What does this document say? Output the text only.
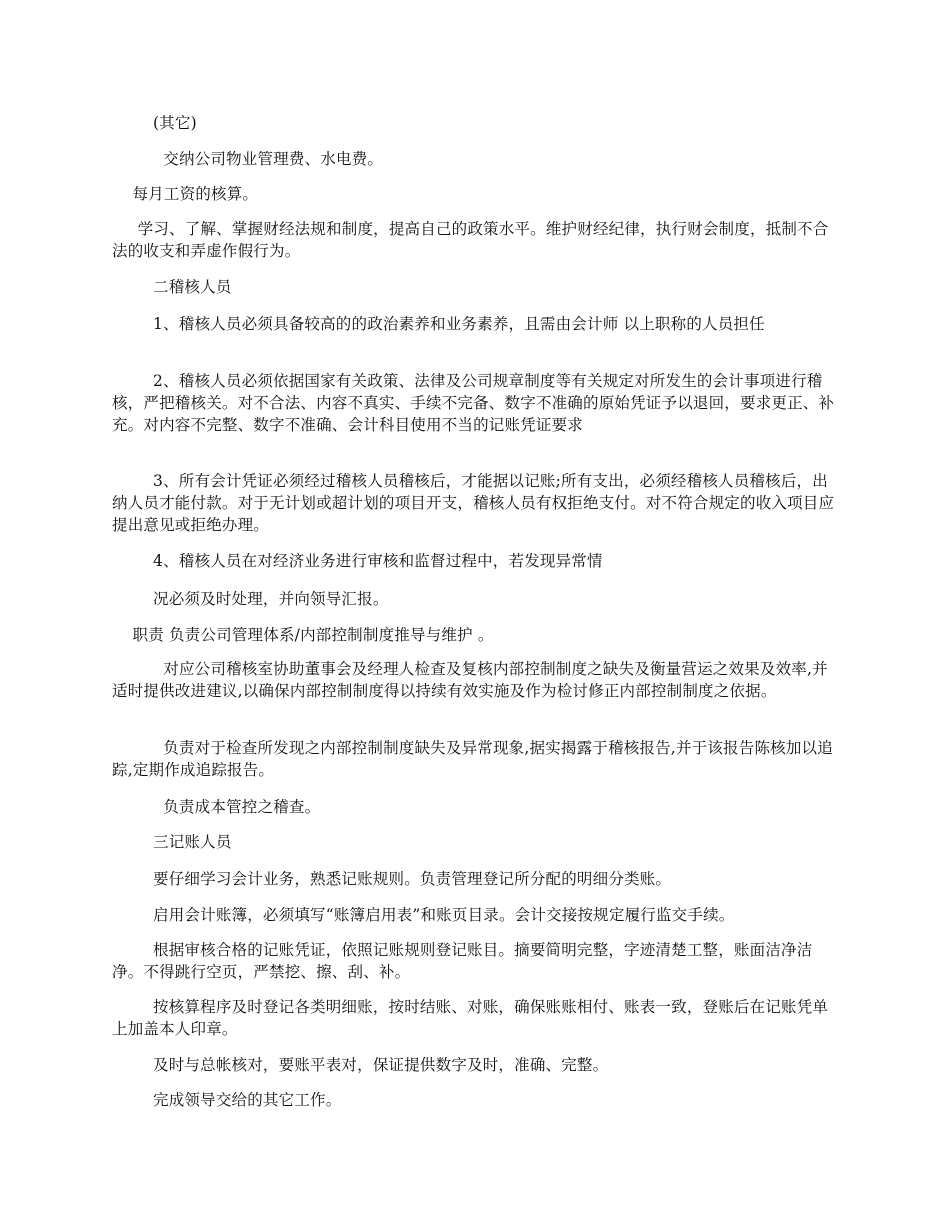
(其它)

交纳公司物业管理费、水电费。

每月工资的核算。

学习、了解、掌握财经法规和制度，提高自己的政策水平。维护财经纪律，执行财会制度，抵制不合法的收支和弄虚作假行为。

二稽核人员

1、稽核人员必须具备较高的的政治素养和业务素养，且需由会计师 以上职称的人员担任

2、稽核人员必须依据国家有关政策、法律及公司规章制度等有关规定对所发生的会计事项进行稽核，严把稽核关。对不合法、内容不真实、手续不完备、数字不准确的原始凭证予以退回，要求更正、补充。对内容不完整、数字不准确、会计科目使用不当的记账凭证要求

3、所有会计凭证必须经过稽核人员稽核后，才能据以记账;所有支出，必须经稽核人员稽核后，出纳人员才能付款。对于无计划或超计划的项目开支，稽核人员有权拒绝支付。对不符合规定的收入项目应提出意见或拒绝办理。

4、稽核人员在对经济业务进行审核和监督过程中，若发现异常情

况必须及时处理，并向领导汇报。

职责 负责公司管理体系/内部控制制度推导与维护 。

对应公司稽核室协助董事会及经理人检查及复核内部控制制度之缺失及衡量营运之效果及效率,并适时提供改进建议,以确保内部控制制度得以持续有效实施及作为检讨修正内部控制制度之依据。

负责对于检查所发现之内部控制制度缺失及异常现象,据实揭露于稽核报告,并于该报告陈核加以追踪,定期作成追踪报告。

负责成本管控之稽查。

三记账人员

要仔细学习会计业务，熟悉记账规则。负责管理登记所分配的明细分类账。

启用会计账簿，必须填写“账簿启用表”和账页目录。会计交接按规定履行监交手续。

根据审核合格的记账凭证，依照记账规则登记账目。摘要简明完整，字迹清楚工整，账面洁净洁净。不得跳行空页，严禁挖、擦、刮、补。

按核算程序及时登记各类明细账，按时结账、对账，确保账账相付、账表一致，登账后在记账凭单上加盖本人印章。

及时与总帐核对，要账平表对，保证提供数字及时，准确、完整。

完成领导交给的其它工作。
